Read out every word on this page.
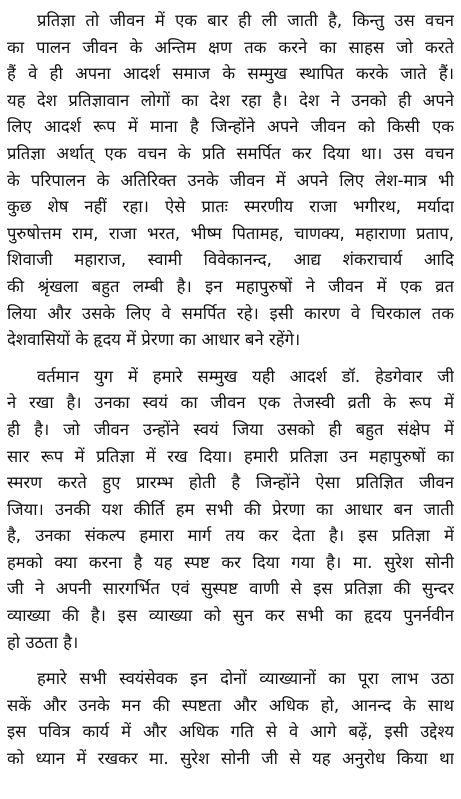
प्रतिज्ञा तो जीवन में एक बार ही ली जाती है, किन्तु उस वचन
का पालन जीवन के अन्तिम क्षण तक करने का साहस जो करते
हैं वे ही अपना आदर्श समाज के सम्मुख स्थापित करके जाते हैं।
यह देश प्रतिज्ञावान लोगों का देश रहा है। देश ने उनको ही अपने
लिए आदर्श रूप में माना है जिन्होंने अपने जीवन को किसी एक
प्रतिज्ञा अर्थात् एक वचन के प्रति समर्पित कर दिया था। उस वचन
के परिपालन के अतिरिक्त उनके जीवन में अपने लिए लेश-मात्र भी
कुछ शेष नहीं रहा। ऐसे प्रातः स्मरणीय राजा भगीरथ, मर्यादा
पुरुषोत्तम राम, राजा भरत, भीष्म पितामह, चाणक्य, महाराणा प्रताप,
शिवाजी महाराज, स्वामी विवेकानन्द, आद्य शंकराचार्य आदि
की श्रृंखला बहुत लम्बी है। इन महापुरुषों ने जीवन में एक व्रत
लिया और उसके लिए वे समर्पित रहे। इसी कारण वे चिरकाल तक
देशवासियों के हृदय में प्रेरणा का आधार बने रहेंगे।
वर्तमान युग में हमारे सम्मुख यही आदर्श डॉ. हेडगेवार जी
ने रखा है। उनका स्वयं का जीवन एक तेजस्वी व्रती के रूप में
ही है। जो जीवन उन्होंने स्वयं जिया उसको ही बहुत संक्षेप में
सार रूप में प्रतिज्ञा में रख दिया। हमारी प्रतिज्ञा उन महापुरुषों का
स्मरण करते हुए प्रारम्भ होती है जिन्होंने ऐसा प्रतिज्ञित जीवन
जिया। उनकी यश कीर्ति हम सभी की प्रेरणा का आधार बन जाती
है, उनका संकल्प हमारा मार्ग तय कर देता है। इस प्रतिज्ञा में
हमको क्या करना है यह स्पष्ट कर दिया गया है। मा. सुरेश सोनी
जी ने अपनी सारगर्भित एवं सुस्पष्ट वाणी से इस प्रतिज्ञा की सुन्दर
व्याख्या की है। इस व्याख्या को सुन कर सभी का हृदय पुनर्नवीन
हो उठता है।
हमारे सभी स्वयंसेवक इन दोनों व्याख्यानों का पूरा लाभ उठा
सकें और उनके मन की स्पष्टता और अधिक हो, आनन्द के साथ
इस पवित्र कार्य में और अधिक गति से वे आगे बढ़ें, इसी उद्देश्य
को ध्यान में रखकर मा. सुरेश सोनी जी से यह अनुरोध किया था
